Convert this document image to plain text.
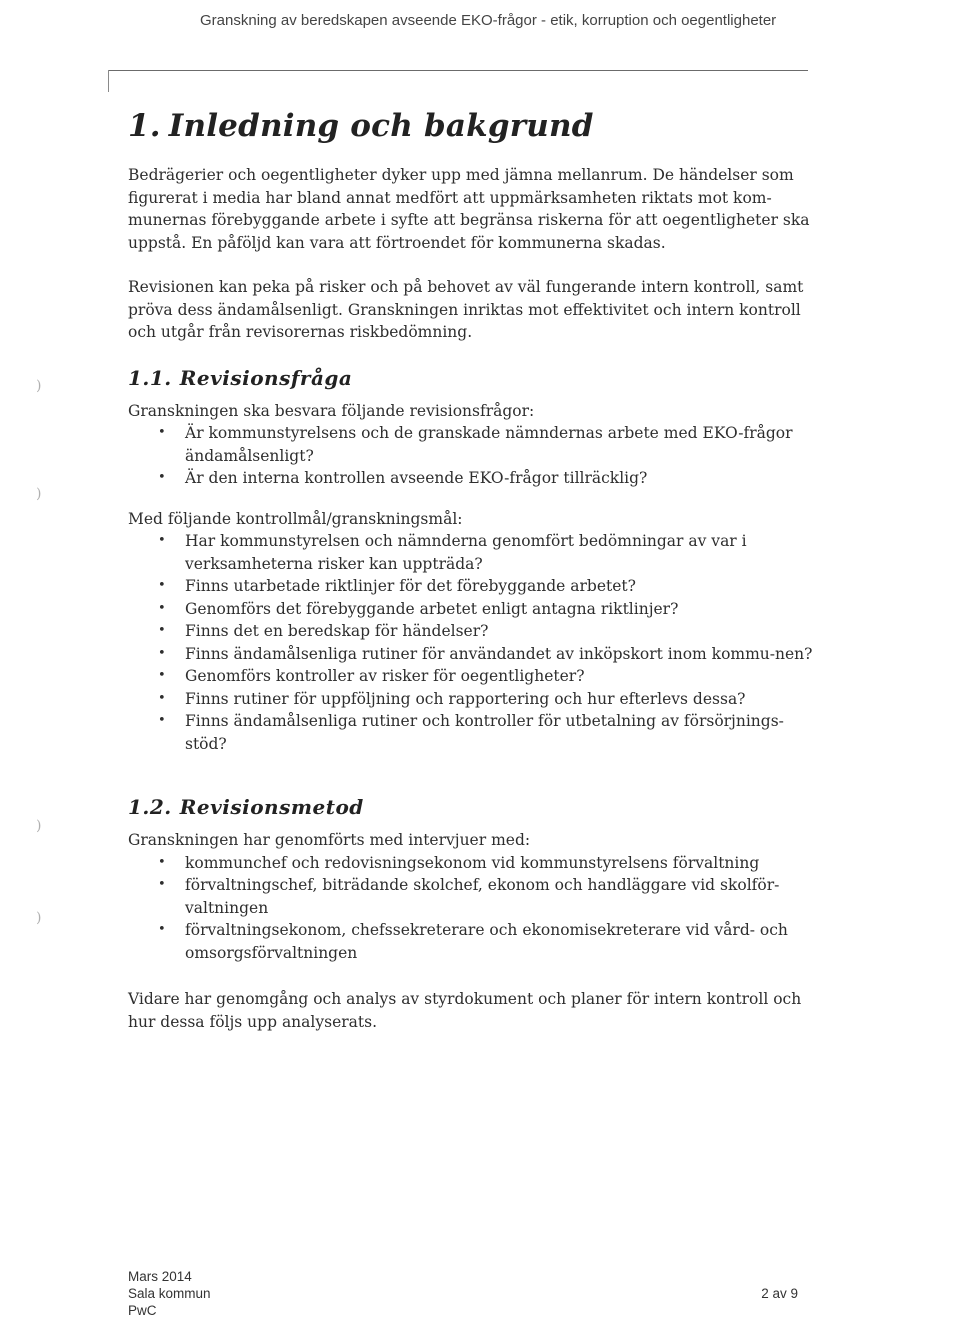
Granskning av beredskapen avseende EKO-frågor - etik, korruption och oegentligheter
)
)
)
)
1. Inledning och bakgrund

Bedrägerier och oegentligheter dyker upp med jämna mellanrum. De händelser som figurerat i media har bland annat medfört att uppmärksamheten riktats mot kom-munernas förebyggande arbete i syfte att begränsa riskerna för att oegentligheter ska uppstå. En påföljd kan vara att förtroendet för kommunerna skadas.

Revisionen kan peka på risker och på behovet av väl fungerande intern kontroll, samt pröva dess ändamålsenligt. Granskningen inriktas mot effektivitet och intern kontroll och utgår från revisorernas riskbedömning.

1.1. Revisionsfråga

Granskningen ska besvara följande revisionsfrågor:

• Är kommunstyrelsens och de granskade nämndernas arbete med EKO-frågor ändamålsenligt?
• Är den interna kontrollen avseende EKO-frågor tillräcklig?

Med följande kontrollmål/granskningsmål:

• Har kommunstyrelsen och nämnderna genomfört bedömningar av var i verksamheterna risker kan uppträda?
• Finns utarbetade riktlinjer för det förebyggande arbetet?
• Genomförs det förebyggande arbetet enligt antagna riktlinjer?
• Finns det en beredskap för händelser?
• Finns ändamålsenliga rutiner för användandet av inköpskort inom kommu-nen?
• Genomförs kontroller av risker för oegentligheter?
• Finns rutiner för uppföljning och rapportering och hur efterlevs dessa?
• Finns ändamålsenliga rutiner och kontroller för utbetalning av försörjnings-stöd?
1.2. Revisionsmetod

Granskningen har genomförts med intervjuer med:

• kommunchef och redovisningsekonom vid kommunstyrelsens förvaltning
• förvaltningschef, biträdande skolchef, ekonom och handläggare vid skolför-valtningen
• förvaltningsekonom, chefssekreterare och ekonomisekreterare vid vård- och omsorgsförvaltningen

Vidare har genomgång och analys av styrdokument och planer för intern kontroll och hur dessa följs upp analyserats.

Mars 2014
Sala kommun
PwC
2 av 9
